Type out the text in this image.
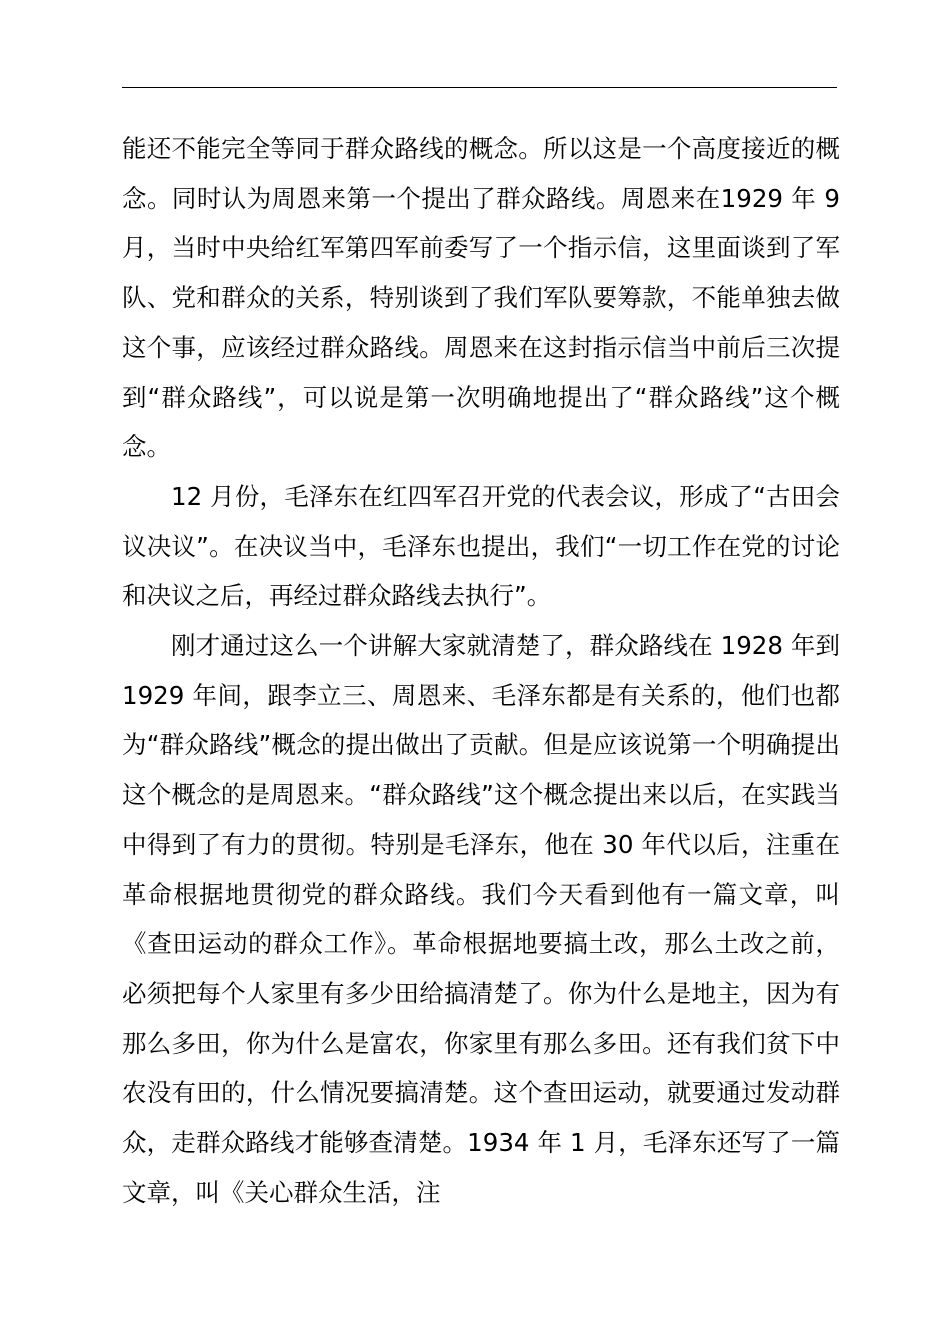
能还不能完全等同于群众路线的概念。所以这是一个高度接近的概念。同时认为周恩来第一个提出了群众路线。周恩来在1929 年 9 月，当时中央给红军第四军前委写了一个指示信，这里面谈到了军队、党和群众的关系，特别谈到了我们军队要筹款，不能单独去做这个事，应该经过群众路线。周恩来在这封指示信当中前后三次提到“群众路线”，可以说是第一次明确地提出了“群众路线”这个概念。

12 月份，毛泽东在红四军召开党的代表会议，形成了“古田会议决议”。在决议当中，毛泽东也提出，我们“一切工作在党的讨论和决议之后，再经过群众路线去执行”。

刚才通过这么一个讲解大家就清楚了，群众路线在 1928 年到 1929 年间，跟李立三、周恩来、毛泽东都是有关系的，他们也都为“群众路线”概念的提出做出了贡献。但是应该说第一个明确提出这个概念的是周恩来。“群众路线”这个概念提出来以后，在实践当中得到了有力的贯彻。特别是毛泽东，他在 30 年代以后，注重在革命根据地贯彻党的群众路线。我们今天看到他有一篇文章，叫《查田运动的群众工作》。革命根据地要搞土改，那么土改之前，必须把每个人家里有多少田给搞清楚了。你为什么是地主，因为有那么多田，你为什么是富农，你家里有那么多田。还有我们贫下中农没有田的，什么情况要搞清楚。这个查田运动，就要通过发动群众，走群众路线才能够查清楚。1934 年 1 月，毛泽东还写了一篇文章，叫《关心群众生活，注
